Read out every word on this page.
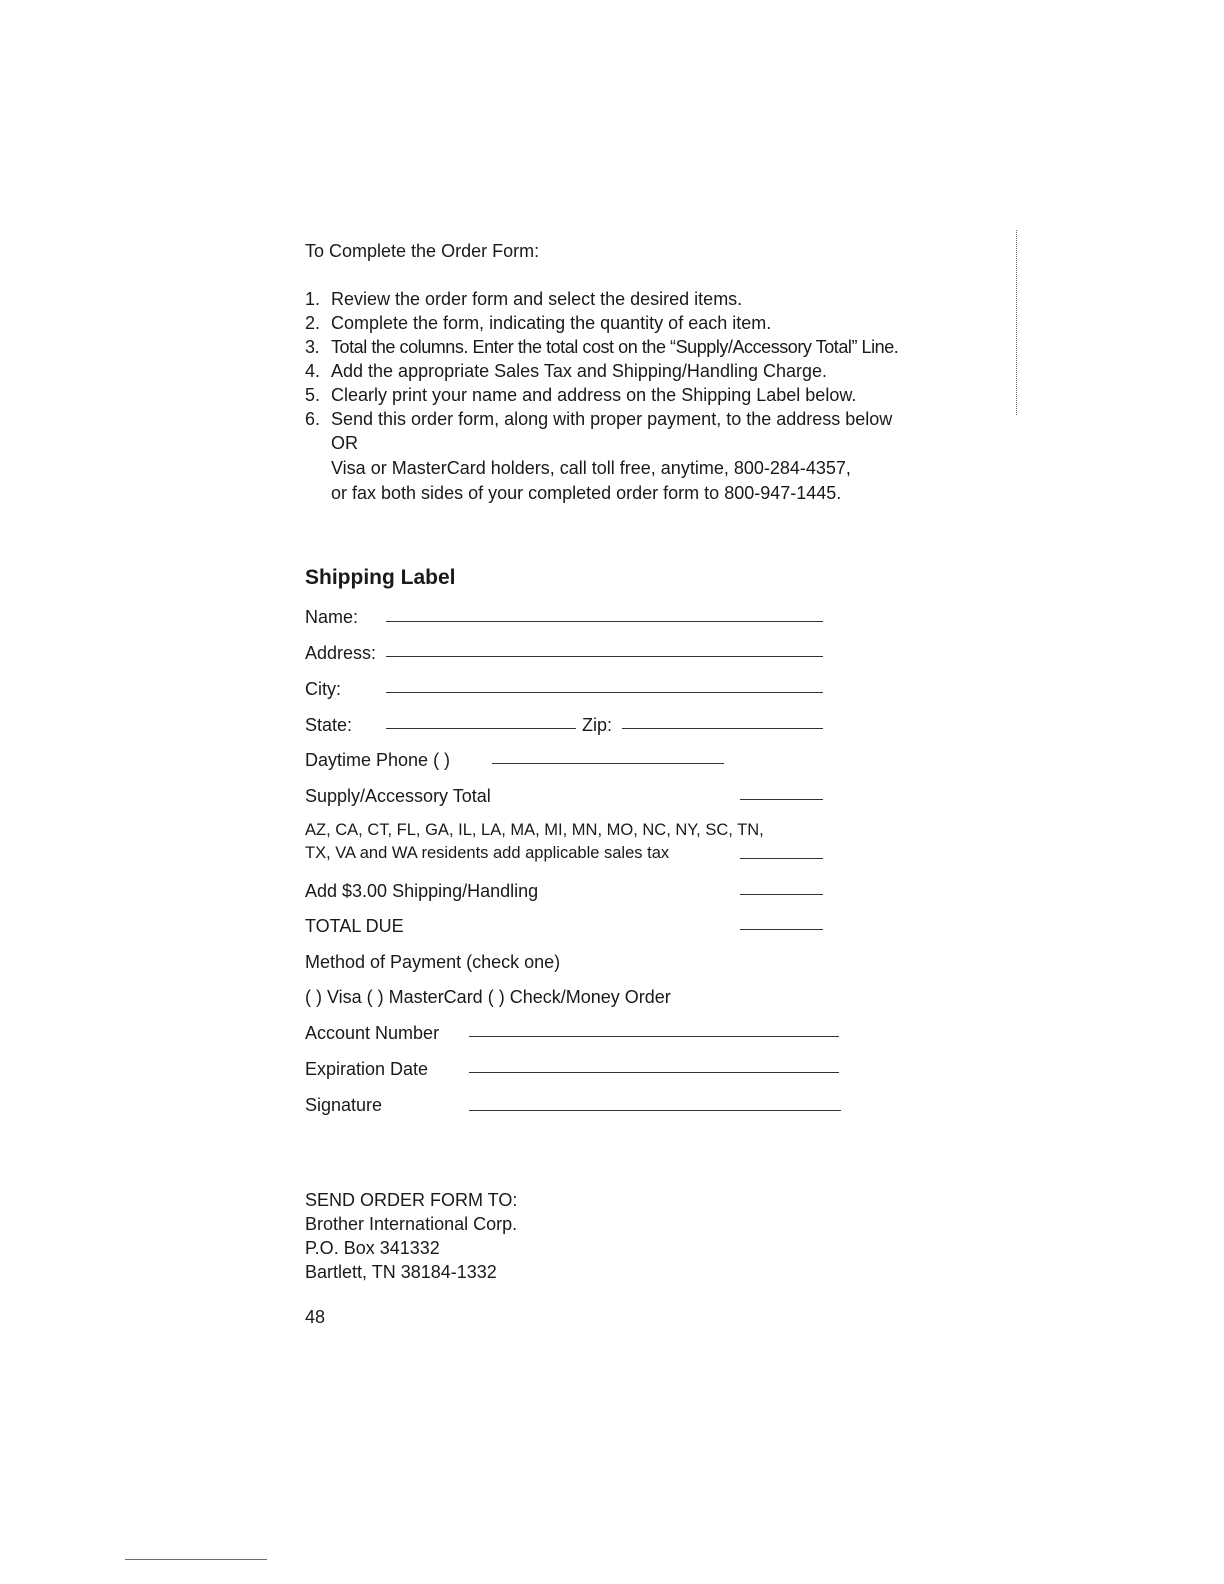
To Complete the Order Form:
1. Review the order form and select the desired items.
2. Complete the form, indicating the quantity of each item.
3. Total the columns. Enter the total cost on the “Supply/Accessory Total” Line.
4. Add the appropriate Sales Tax and Shipping/Handling Charge.
5. Clearly print your name and address on the Shipping Label below.
6. Send this order form, along with proper payment, to the address below
OR
Visa or MasterCard holders, call toll free, anytime, 800-284-4357,
or fax both sides of your completed order form to 800-947-1445.
Shipping Label
Name:
Address:
City:
State:	Zip:
Daytime Phone ( )
Supply/Accessory Total
AZ, CA, CT, FL, GA, IL, LA, MA, MI, MN, MO, NC, NY, SC, TN,
TX, VA and WA residents add applicable sales tax
Add $3.00 Shipping/Handling
TOTAL DUE
Method of Payment (check one)
( ) Visa ( ) MasterCard ( ) Check/Money Order
Account Number
Expiration Date
Signature
SEND ORDER FORM TO:
Brother International Corp.
P.O. Box 341332
Bartlett, TN 38184-1332
48
